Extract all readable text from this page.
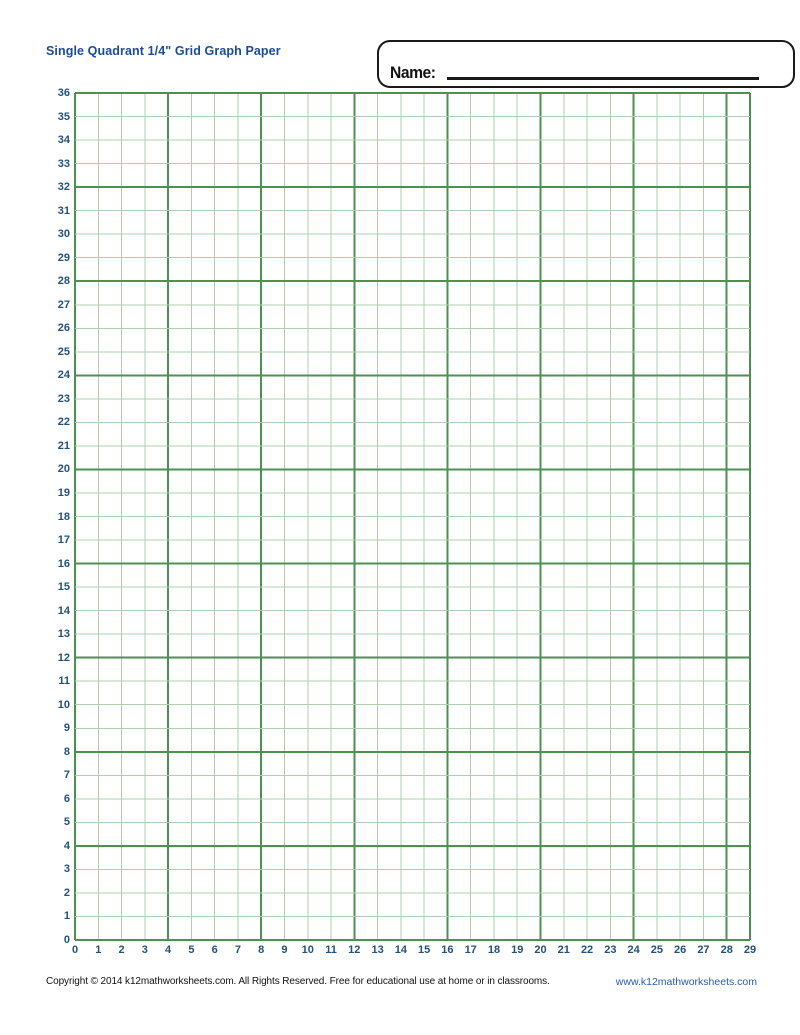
Single Quadrant 1/4" Grid Graph Paper
Name:
36
35
34
33
32
31
30
29
28
27
26
25
24
23
22
21
20
19
18
17
16
15
14
13
12
11
10
9
8
7
6
5
4
3
2
1
0
0	1	2	3	4	5	6	7	8	9	10	11	12	13	14	15	16	17	18	19	20	21	22	23	24	25	26	27	28	29
Copyright © 2014 k12mathworksheets.com. All Rights Reserved. Free for educational use at home or in classrooms.	www.k12mathworksheets.com
